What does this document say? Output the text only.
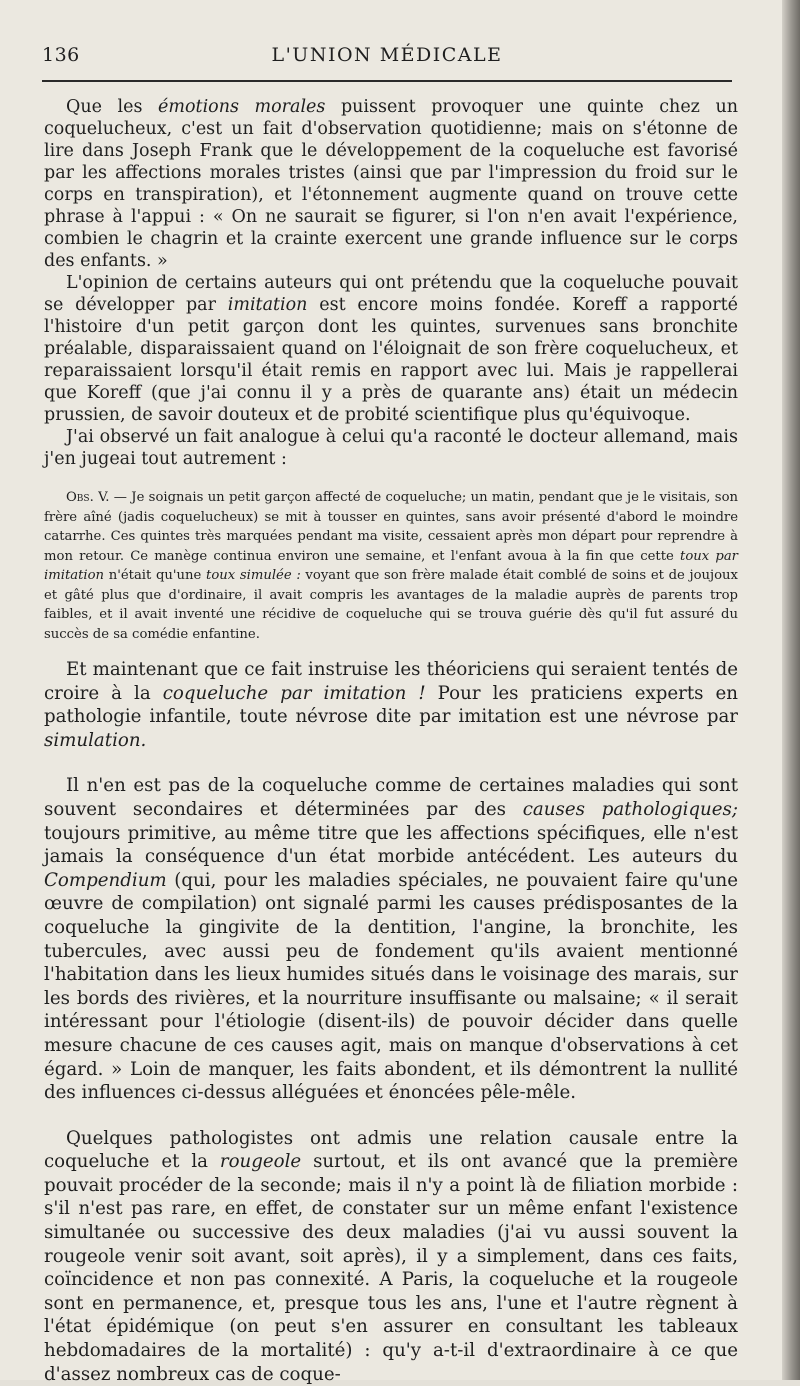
136	L'UNION MÉDICALE

Que les émotions morales puissent provoquer une quinte chez un coquelucheux, c'est un fait d'observation quotidienne; mais on s'étonne de lire dans Joseph Frank que le développement de la coqueluche est favorisé par les affections morales tristes (ainsi que par l'impression du froid sur le corps en transpiration), et l'étonnement augmente quand on trouve cette phrase à l'appui : « On ne saurait se figurer, si l'on n'en avait l'expérience, combien le chagrin et la crainte exercent une grande influence sur le corps des enfants. »

L'opinion de certains auteurs qui ont prétendu que la coqueluche pouvait se développer par imitation est encore moins fondée. Koreff a rapporté l'histoire d'un petit garçon dont les quintes, survenues sans bronchite préalable, disparaissaient quand on l'éloignait de son frère coquelucheux, et reparaissaient lorsqu'il était remis en rapport avec lui. Mais je rappellerai que Koreff (que j'ai connu il y a près de quarante ans) était un médecin prussien, de savoir douteux et de probité scientifique plus qu'équivoque.

J'ai observé un fait analogue à celui qu'a raconté le docteur allemand, mais j'en jugeai tout autrement :

Obs. V. — Je soignais un petit garçon affecté de coqueluche; un matin, pendant que je le visitais, son frère aîné (jadis coquelucheux) se mit à tousser en quintes, sans avoir présenté d'abord le moindre catarrhe. Ces quintes très marquées pendant ma visite, cessaient après mon départ pour reprendre à mon retour. Ce manège continua environ une semaine, et l'enfant avoua à la fin que cette toux par imitation n'était qu'une toux simulée : voyant que son frère malade était comblé de soins et de joujoux et gâté plus que d'ordinaire, il avait compris les avantages de la maladie auprès de parents trop faibles, et il avait inventé une récidive de coqueluche qui se trouva guérie dès qu'il fut assuré du succès de sa comédie enfantine.

Et maintenant que ce fait instruise les théoriciens qui seraient tentés de croire à la coqueluche par imitation ! Pour les praticiens experts en pathologie infantile, toute névrose dite par imitation est une névrose par simulation.

Il n'en est pas de la coqueluche comme de certaines maladies qui sont souvent secondaires et déterminées par des causes pathologiques; toujours primitive, au même titre que les affections spécifiques, elle n'est jamais la conséquence d'un état morbide antécédent. Les auteurs du Compendium (qui, pour les maladies spéciales, ne pouvaient faire qu'une œuvre de compilation) ont signalé parmi les causes prédisposantes de la coqueluche la gingivite de la dentition, l'angine, la bronchite, les tubercules, avec aussi peu de fondement qu'ils avaient mentionné l'habitation dans les lieux humides situés dans le voisinage des marais, sur les bords des rivières, et la nourriture insuffisante ou malsaine; « il serait intéressant pour l'étiologie (disent-ils) de pouvoir décider dans quelle mesure chacune de ces causes agit, mais on manque d'observations à cet égard. » Loin de manquer, les faits abondent, et ils démontrent la nullité des influences ci-dessus alléguées et énoncées pêle-mêle.

Quelques pathologistes ont admis une relation causale entre la coqueluche et la rougeole surtout, et ils ont avancé que la première pouvait procéder de la seconde; mais il n'y a point là de filiation morbide : s'il n'est pas rare, en effet, de constater sur un même enfant l'existence simultanée ou successive des deux maladies (j'ai vu aussi souvent la rougeole venir soit avant, soit après), il y a simplement, dans ces faits, coïncidence et non pas connexité. A Paris, la coqueluche et la rougeole sont en permanence, et, presque tous les ans, l'une et l'autre règnent à l'état épidémique (on peut s'en assurer en consultant les tableaux hebdomadaires de la mortalité) : qu'y a-t-il d'extraordinaire à ce que d'assez nombreux cas de coque-
